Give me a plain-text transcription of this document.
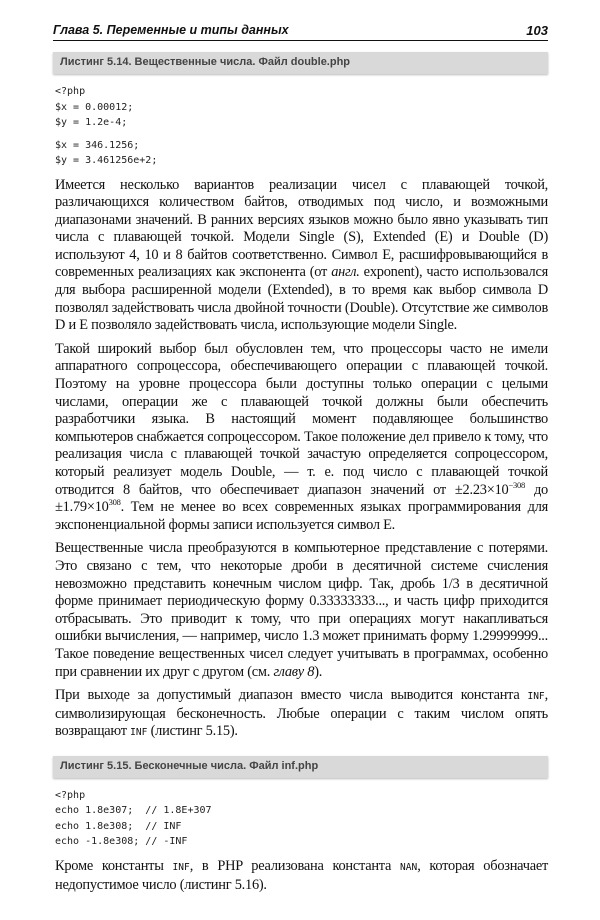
Глава 5. Переменные и типы данных	103
Листинг 5.14. Вещественные числа. Файл double.php
<?php
$x = 0.00012;
$y = 1.2e-4;
$x = 346.1256;
$y = 3.461256e+2;
Имеется несколько вариантов реализации чисел с плавающей точкой, различающихся количеством байтов, отводимых под число, и возможными диапазонами значений. В ранних версиях языков можно было явно указывать тип числа с плавающей точкой. Модели Single (S), Extended (E) и Double (D) используют 4, 10 и 8 байтов соответственно. Символ E, расшифровывающийся в современных реализациях как экспонента (от англ. exponent), часто использовался для выбора расширенной модели (Extended), в то время как выбор символа D позволял задействовать числа двойной точности (Double). Отсутствие же символов D и E позволяло задействовать числа, использующие модели Single.
Такой широкий выбор был обусловлен тем, что процессоры часто не имели аппаратного сопроцессора, обеспечивающего операции с плавающей точкой. Поэтому на уровне процессора были доступны только операции с целыми числами, операции же с плавающей точкой должны были обеспечить разработчики языка. В настоящий момент подавляющее большинство компьютеров снабжается сопроцессором. Такое положение дел привело к тому, что реализация числа с плавающей точкой зачастую определяется сопроцессором, который реализует модель Double, — т. е. под число с плавающей точкой отводится 8 байтов, что обеспечивает диапазон значений от $\pm 2.23\times 10^{-308}$ до $\pm 1.79\times 10^{308}$. Тем не менее во всех современных языках программирования для экспоненциальной формы записи используется символ E.
Вещественные числа преобразуются в компьютерное представление с потерями. Это связано с тем, что некоторые дроби в десятичной системе счисления невозможно представить конечным числом цифр. Так, дробь 1/3 в десятичной форме принимает периодическую форму 0.33333333..., и часть цифр приходится отбрасывать. Это приводит к тому, что при операциях могут накапливаться ошибки вычисления, — например, число 1.3 может принимать форму 1.29999999... Такое поведение вещественных чисел следует учитывать в программах, особенно при сравнении их друг с другом (см. главу 8).
При выходе за допустимый диапазон вместо числа выводится константа INF, символизирующая бесконечность. Любые операции с таким числом опять возвращают INF (листинг 5.15).
Листинг 5.15. Бесконечные числа. Файл inf.php
<?php
echo 1.8e307;  // 1.8E+307
echo 1.8e308;  // INF
echo -1.8e308; // -INF
Кроме константы INF, в PHP реализована константа NAN, которая обозначает недопустимое число (листинг 5.16).
